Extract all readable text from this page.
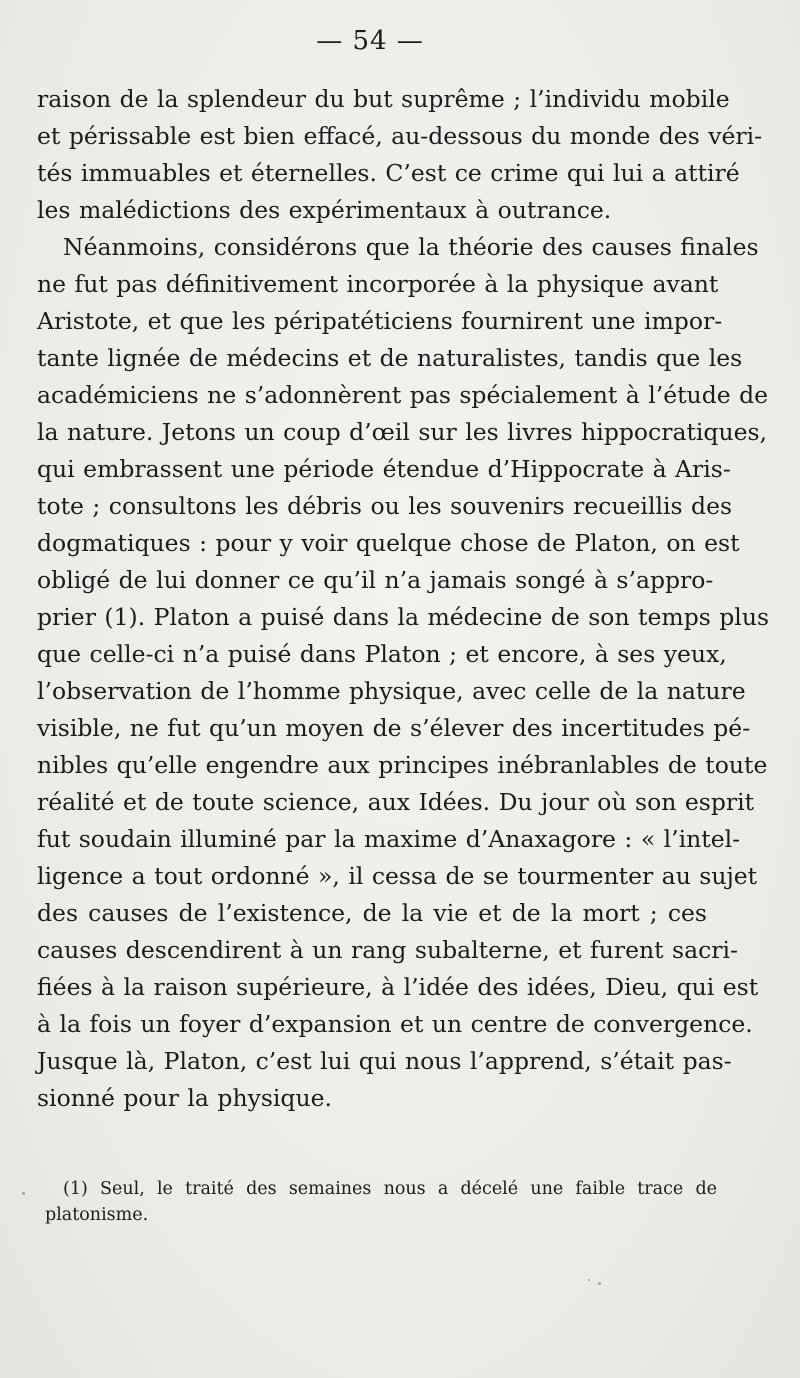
— 54 —
raison de la splendeur du but suprême ; l’individu mobile
et périssable est bien effacé, au-dessous du monde des véri-
tés immuables et éternelles. C’est ce crime qui lui a attiré
les malédictions des expérimentaux à outrance.
Néanmoins, considérons que la théorie des causes finales
ne fut pas définitivement incorporée à la physique avant
Aristote, et que les péripatéticiens fournirent une impor-
tante lignée de médecins et de naturalistes, tandis que les
académiciens ne s’adonnèrent pas spécialement à l’étude de
la nature. Jetons un coup d’œil sur les livres hippocratiques,
qui embrassent une période étendue d’Hippocrate à Aris-
tote ; consultons les débris ou les souvenirs recueillis des
dogmatiques : pour y voir quelque chose de Platon, on est
obligé de lui donner ce qu’il n’a jamais songé à s’appro-
prier (1). Platon a puisé dans la médecine de son temps plus
que celle-ci n’a puisé dans Platon ; et encore, à ses yeux,
l’observation de l’homme physique, avec celle de la nature
visible, ne fut qu’un moyen de s’élever des incertitudes pé-
nibles qu’elle engendre aux principes inébranlables de toute
réalité et de toute science, aux Idées. Du jour où son esprit
fut soudain illuminé par la maxime d’Anaxagore : « l’intel-
ligence a tout ordonné », il cessa de se tourmenter au sujet
des causes de l’existence, de la vie et de la mort ; ces
causes descendirent à un rang subalterne, et furent sacri-
fiées à la raison supérieure, à l’idée des idées, Dieu, qui est
à la fois un foyer d’expansion et un centre de convergence.
Jusque là, Platon, c’est lui qui nous l’apprend, s’était pas-
sionné pour la physique.
(1) Seul, le traité des semaines nous a décelé une faible trace de
platonisme.
